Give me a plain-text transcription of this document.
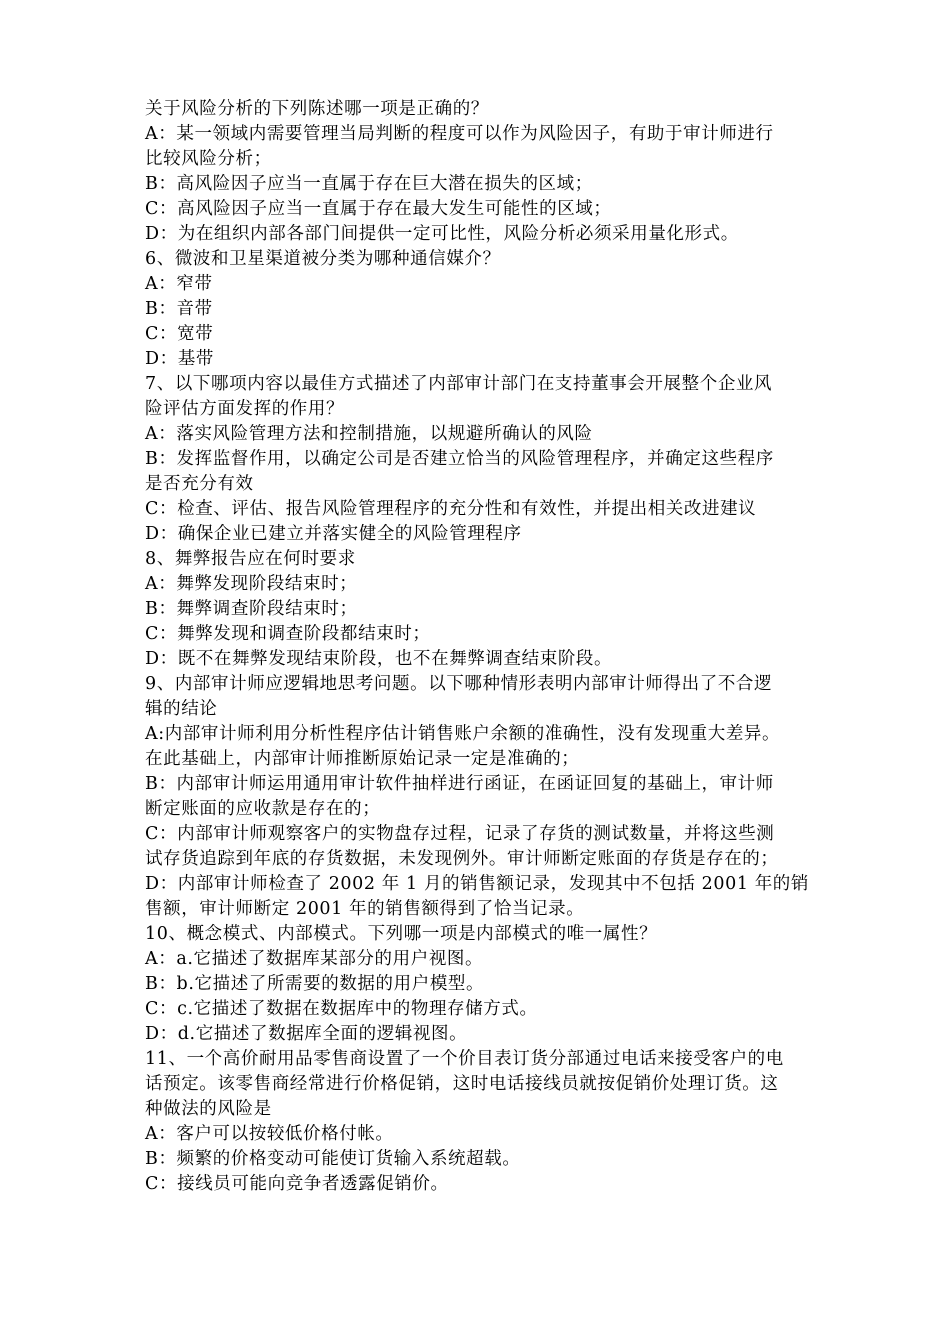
关于风险分析的下列陈述哪一项是正确的？
A：某一领域内需要管理当局判断的程度可以作为风险因子，有助于审计师进行
比较风险分析；
B：高风险因子应当一直属于存在巨大潜在损失的区域；
C：高风险因子应当一直属于存在最大发生可能性的区域；
D：为在组织内部各部门间提供一定可比性，风险分析必须采用量化形式。
6、微波和卫星渠道被分类为哪种通信媒介？
A：窄带
B：音带
C：宽带
D：基带
7、以下哪项内容以最佳方式描述了内部审计部门在支持董事会开展整个企业风
险评估方面发挥的作用？
A：落实风险管理方法和控制措施，以规避所确认的风险
B：发挥监督作用，以确定公司是否建立恰当的风险管理程序，并确定这些程序
是否充分有效
C：检查、评估、报告风险管理程序的充分性和有效性，并提出相关改进建议
D：确保企业已建立并落实健全的风险管理程序
8、舞弊报告应在何时要求
A：舞弊发现阶段结束时；
B：舞弊调查阶段结束时；
C：舞弊发现和调查阶段都结束时；
D：既不在舞弊发现结束阶段，也不在舞弊调查结束阶段。
9、内部审计师应逻辑地思考问题。以下哪种情形表明内部审计师得出了不合逻
辑的结论
A:内部审计师利用分析性程序估计销售账户余额的准确性，没有发现重大差异。
在此基础上，内部审计师推断原始记录一定是准确的；
B：内部审计师运用通用审计软件抽样进行函证，在函证回复的基础上，审计师
断定账面的应收款是存在的；
C：内部审计师观察客户的实物盘存过程，记录了存货的测试数量，并将这些测
试存货追踪到年底的存货数据，未发现例外。审计师断定账面的存货是存在的；
D：内部审计师检查了 2002 年 1 月的销售额记录，发现其中不包括 2001 年的销
售额，审计师断定 2001 年的销售额得到了恰当记录。
10、概念模式、内部模式。下列哪一项是内部模式的唯一属性？
A：a.它描述了数据库某部分的用户视图。
B：b.它描述了所需要的数据的用户模型。
C：c.它描述了数据在数据库中的物理存储方式。
D：d.它描述了数据库全面的逻辑视图。
11、一个高价耐用品零售商设置了一个价目表订货分部通过电话来接受客户的电
话预定。该零售商经常进行价格促销，这时电话接线员就按促销价处理订货。这
种做法的风险是
A：客户可以按较低价格付帐。
B：频繁的价格变动可能使订货输入系统超载。
C：接线员可能向竞争者透露促销价。
